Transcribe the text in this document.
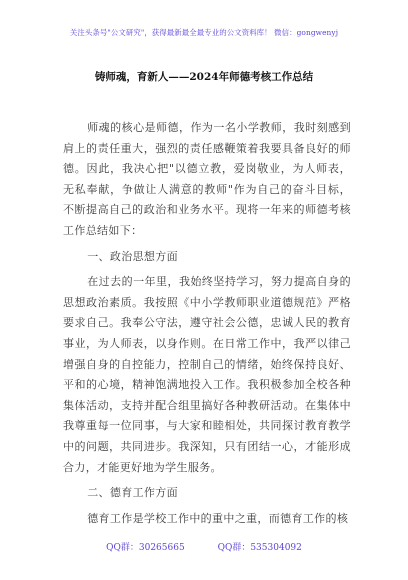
关注头条号"公文研究"，获得最新最全最专业的公文资料库！ 微信：gongwenyj
铸师魂，育新人——2024年师德考核工作总结

师魂的核心是师德，作为一名小学教师，我时刻感到肩上的责任重大，强烈的责任感鞭策着我要具备良好的师德。因此，我决心把"以德立教，爱岗敬业，为人师表，无私奉献，争做让人满意的教师"作为自己的奋斗目标，不断提高自己的政治和业务水平。现将一年来的师德考核工作总结如下：

一、政治思想方面

在过去的一年里，我始终坚持学习，努力提高自身的思想政治素质。我按照《中小学教师职业道德规范》严格要求自己。我奉公守法，遵守社会公德，忠诚人民的教育事业，为人师表，以身作则。在日常工作中，我严以律己增强自身的自控能力，控制自己的情绪，始终保持良好、平和的心境，精神饱满地投入工作。我积极参加全校各种集体活动，支持并配合组里搞好各种教研活动。在集体中我尊重每一位同事，与大家和睦相处，共同探讨教育教学中的问题，共同进步。我深知，只有团结一心，才能形成合力，才能更好地为学生服务。

二、德育工作方面

德育工作是学校工作中的重中之重，而德育工作的核

QQ群：30265665	QQ群：535304092
